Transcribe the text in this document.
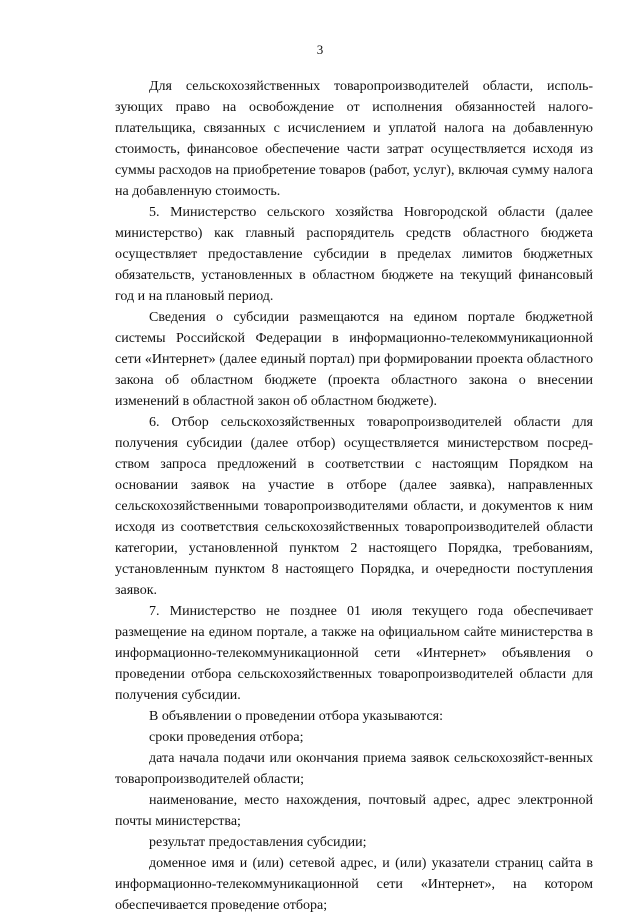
3

Для сельскохозяйственных товаропроизводителей области, исполь-зующих право на освобождение от исполнения обязанностей налого-плательщика, связанных с исчислением и уплатой налога на добавленную стоимость, финансовое обеспечение части затрат осуществляется исходя из суммы расходов на приобретение товаров (работ, услуг), включая сумму налога на добавленную стоимость.

5. Министерство сельского хозяйства Новгородской области (далее министерство) как главный распорядитель средств областного бюджета осуществляет предоставление субсидии в пределах лимитов бюджетных обязательств, установленных в областном бюджете на текущий финансовый год и на плановый период.

Сведения о субсидии размещаются на едином портале бюджетной системы Российской Федерации в информационно-телекоммуникационной сети «Интернет» (далее единый портал) при формировании проекта областного закона об областном бюджете (проекта областного закона о внесении изменений в областной закон об областном бюджете).

6. Отбор сельскохозяйственных товаропроизводителей области для получения субсидии (далее отбор) осуществляется министерством посред-ством запроса предложений в соответствии с настоящим Порядком на основании заявок на участие в отборе (далее заявка), направленных сельскохозяйственными товаропроизводителями области, и документов к ним исходя из соответствия сельскохозяйственных товаропроизводителей области категории, установленной пунктом 2 настоящего Порядка, требованиям, установленным пунктом 8 настоящего Порядка, и очередности поступления заявок.

7. Министерство не позднее 01 июля текущего года обеспечивает размещение на едином портале, а также на официальном сайте министерства в информационно-телекоммуникационной сети «Интернет» объявления о проведении отбора сельскохозяйственных товаропроизводителей области для получения субсидии.

В объявлении о проведении отбора указываются:

сроки проведения отбора;

дата начала подачи или окончания приема заявок сельскохозяйст-венных товаропроизводителей области;

наименование, место нахождения, почтовый адрес, адрес электронной почты министерства;

результат предоставления субсидии;

доменное имя и (или) сетевой адрес, и (или) указатели страниц сайта в информационно-телекоммуникационной сети «Интернет», на котором обеспечивается проведение отбора;
